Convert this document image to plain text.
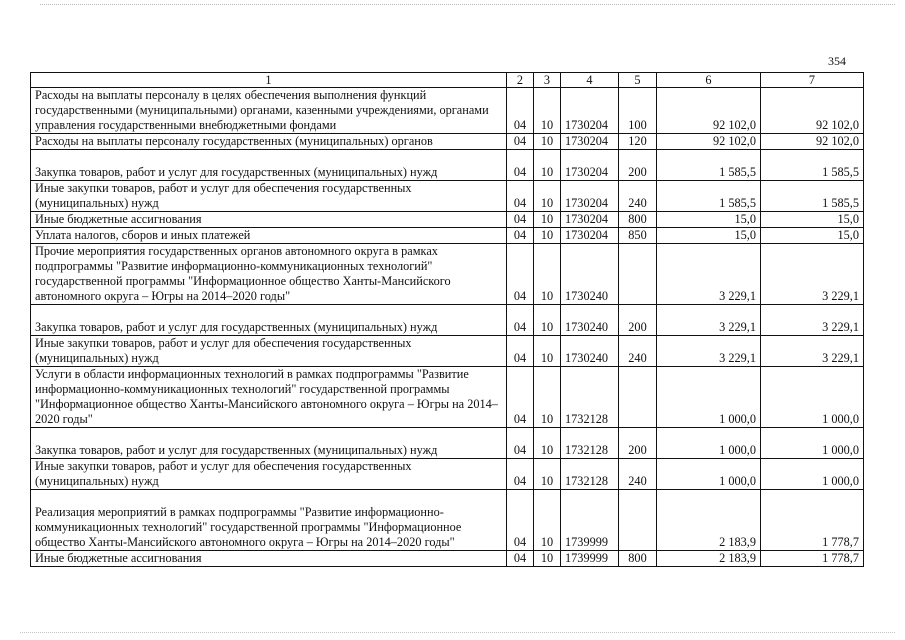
354
1	2	3	4	5	6	7
Расходы на выплаты персоналу в целях обеспечения выполнения функций государственными (муниципальными) органами, казенными учреждениями, органами управления государственными внебюджетными фондами	04	10	1730204	100	92 102,0	92 102,0
Расходы на выплаты персоналу государственных (муниципальных) органов	04	10	1730204	120	92 102,0	92 102,0
Закупка товаров, работ и услуг для государственных (муниципальных) нужд	04	10	1730204	200	1 585,5	1 585,5
Иные закупки товаров, работ и услуг для обеспечения государственных (муниципальных) нужд	04	10	1730204	240	1 585,5	1 585,5
Иные бюджетные ассигнования	04	10	1730204	800	15,0	15,0
Уплата налогов, сборов и иных платежей	04	10	1730204	850	15,0	15,0
Прочие мероприятия государственных органов автономного округа в рамках подпрограммы "Развитие информационно-коммуникационных технологий" государственной программы "Информационное общество Ханты-Мансийского автономного округа – Югры на 2014–2020 годы"	04	10	1730240		3 229,1	3 229,1
Закупка товаров, работ и услуг для государственных (муниципальных) нужд	04	10	1730240	200	3 229,1	3 229,1
Иные закупки товаров, работ и услуг для обеспечения государственных (муниципальных) нужд	04	10	1730240	240	3 229,1	3 229,1
Услуги в области информационных технологий в рамках подпрограммы "Развитие информационно-коммуникационных технологий" государственной программы "Информационное общество Ханты-Мансийского автономного округа – Югры на 2014–2020 годы"	04	10	1732128		1 000,0	1 000,0
Закупка товаров, работ и услуг для государственных (муниципальных) нужд	04	10	1732128	200	1 000,0	1 000,0
Иные закупки товаров, работ и услуг для обеспечения государственных (муниципальных) нужд	04	10	1732128	240	1 000,0	1 000,0
Реализация мероприятий в рамках подпрограммы "Развитие информационно-коммуникационных технологий" государственной программы "Информационное общество Ханты-Мансийского автономного округа – Югры на 2014–2020 годы"	04	10	1739999		2 183,9	1 778,7
Иные бюджетные ассигнования	04	10	1739999	800	2 183,9	1 778,7
